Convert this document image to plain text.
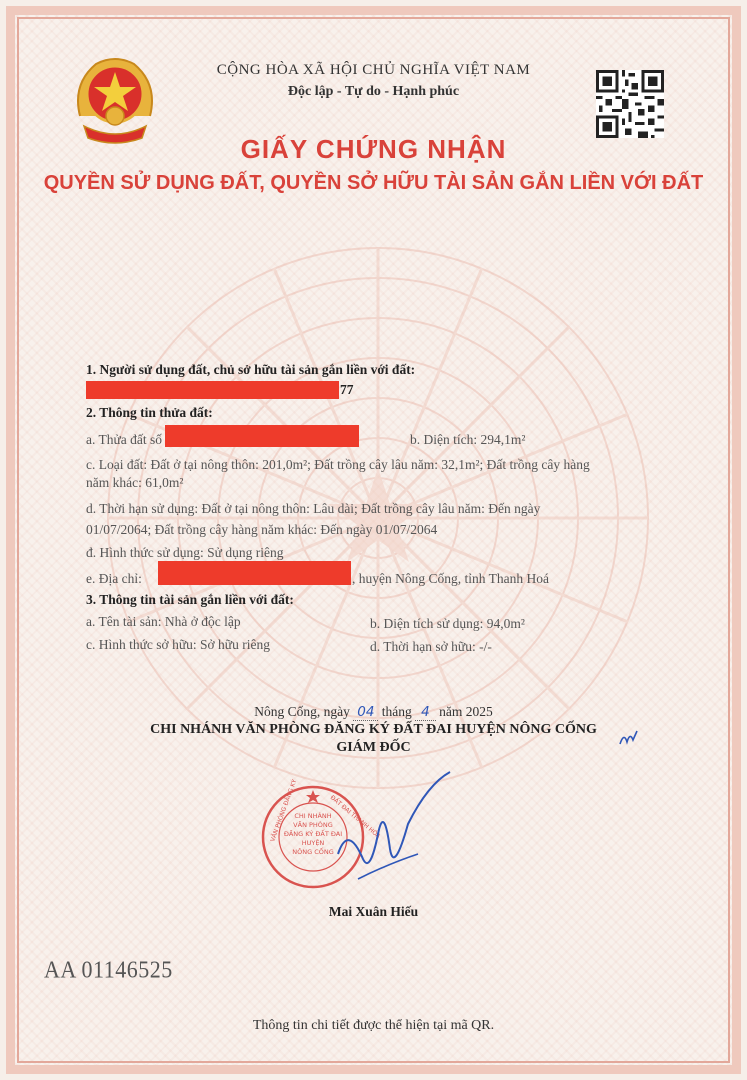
CỘNG HÒA XÃ HỘI CHỦ NGHĨA VIỆT NAM
Độc lập - Tự do - Hạnh phúc
GIẤY CHỨNG NHẬN
QUYỀN SỬ DỤNG ĐẤT, QUYỀN SỞ HỮU TÀI SẢN GẮN LIỀN VỚI ĐẤT
1. Người sử dụng đất, chủ sở hữu tài sản gắn liền với đất:
77
2. Thông tin thửa đất:
a. Thửa đất số	b. Diện tích: 294,1m²
c. Loại đất: Đất ở tại nông thôn: 201,0m²; Đất trồng cây lâu năm: 32,1m²; Đất trồng cây hàng
năm khác: 61,0m²
d. Thời hạn sử dụng: Đất ở tại nông thôn: Lâu dài; Đất trồng cây lâu năm: Đến ngày
01/07/2064; Đất trồng cây hàng năm khác: Đến ngày 01/07/2064
đ. Hình thức sử dụng: Sử dụng riêng
e. Địa chỉ:	, huyện Nông Cống, tỉnh Thanh Hoá
3. Thông tin tài sản gắn liền với đất:
a. Tên tài sản: Nhà ở độc lập	b. Diện tích sử dụng: 94,0m²
c. Hình thức sở hữu: Sở hữu riêng	d. Thời hạn sở hữu: -/-
Nông Cống, ngày 04 tháng 4 năm 2025
CHI NHÁNH VĂN PHÒNG ĐĂNG KÝ ĐẤT ĐAI HUYỆN NÔNG CỐNG
GIÁM ĐỐC
CHI NHÁNH
VĂN PHÒNG
ĐĂNG KÝ ĐẤT ĐAI
HUYỆN
NÔNG CỐNG
VĂN PHÒNG ĐĂNG KÝ	ĐẤT ĐAI THANH HÓA
Mai Xuân Hiếu
AA 01146525
Thông tin chi tiết được thể hiện tại mã QR.
